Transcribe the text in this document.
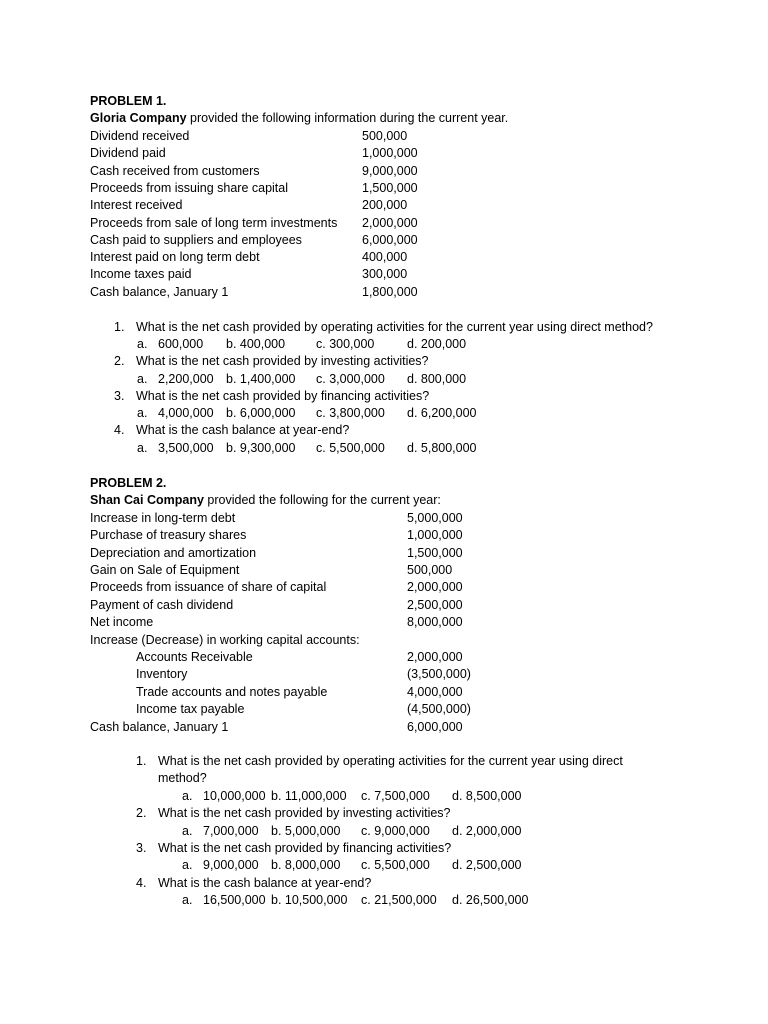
PROBLEM 1.
Gloria Company provided the following information during the current year.
Dividend received	500,000
Dividend paid	1,000,000
Cash received from customers	9,000,000
Proceeds from issuing share capital	1,500,000
Interest received	200,000
Proceeds from sale of long term investments 2,000,000
Cash paid to suppliers and employees	6,000,000
Interest paid on long term debt	400,000
Income taxes paid	300,000
Cash balance, January 1	1,800,000
1. What is the net cash provided by operating activities for the current year using direct method?
a. 600,000 b. 400,000 c. 300,000	d. 200,000
2. What is the net cash provided by investing activities?
a. 2,200,000 b. 1,400,000 c. 3,000,000 d. 800,000
3. What is the net cash provided by financing activities?
a. 4,000,000 b. 6,000,000 c. 3,800,000 d. 6,200,000
4. What is the cash balance at year-end?
a. 3,500,000 b. 9,300,000 c. 5,500,000 d. 5,800,000
PROBLEM 2.
Shan Cai Company provided the following for the current year:
Increase in long-term debt	5,000,000
Purchase of treasury shares	1,000,000
Depreciation and amortization	1,500,000
Gain on Sale of Equipment	500,000
Proceeds from issuance of share of capital	2,000,000
Payment of cash dividend	2,500,000
Net income	8,000,000
Increase (Decrease) in working capital accounts:
Accounts Receivable	2,000,000
Inventory	(3,500,000)
Trade accounts and notes payable	4,000,000
Income tax payable	(4,500,000)
Cash balance, January 1	6,000,000
1. What is the net cash provided by operating activities for the current year using direct
method?
a. 10,000,000 b. 11,000,000 c. 7,500,000 d. 8,500,000
2. What is the net cash provided by investing activities?
a. 7,000,000 b. 5,000,000 c. 9,000,000 d. 2,000,000
3. What is the net cash provided by financing activities?
a. 9,000,000 b. 8,000,000 c. 5,500,000 d. 2,500,000
4. What is the cash balance at year-end?
a. 16,500,000 b. 10,500,000 c. 21,500,000 d. 26,500,000
